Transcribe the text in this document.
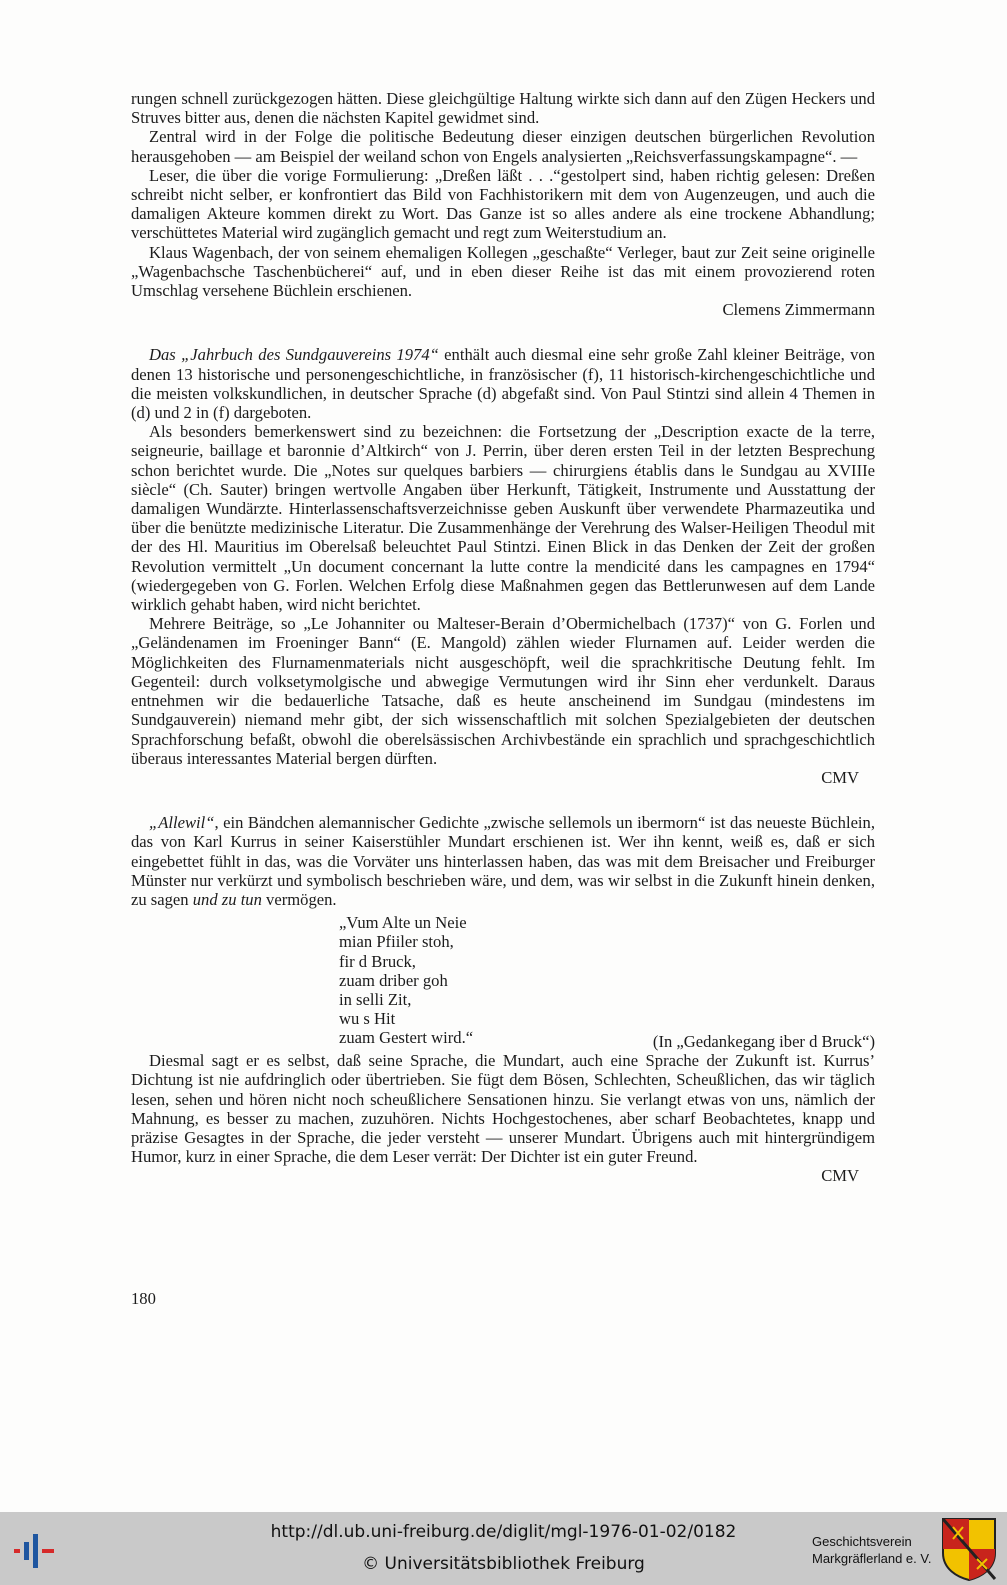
rungen schnell zurückgezogen hätten. Diese gleichgültige Haltung wirkte sich dann auf den Zügen Heckers und Struves bitter aus, denen die nächsten Kapitel gewidmet sind.

Zentral wird in der Folge die politische Bedeutung dieser einzigen deutschen bürgerlichen Revolution herausgehoben — am Beispiel der weiland schon von Engels analysierten „Reichsverfassungskampagne“. —

Leser, die über die vorige Formulierung: „Dreßen läßt . . .“gestolpert sind, haben richtig gelesen: Dreßen schreibt nicht selber, er konfrontiert das Bild von Fachhistorikern mit dem von Augenzeugen, und auch die damaligen Akteure kommen direkt zu Wort. Das Ganze ist so alles andere als eine trockene Abhandlung; verschüttetes Material wird zugänglich gemacht und regt zum Weiterstudium an.

Klaus Wagenbach, der von seinem ehemaligen Kollegen „geschaßte“ Verleger, baut zur Zeit seine originelle „Wagenbachsche Taschenbücherei“ auf, und in eben dieser Reihe ist das mit einem provozierend roten Umschlag versehene Büchlein erschienen.

Clemens Zimmermann

Das „Jahrbuch des Sundgauvereins 1974“ enthält auch diesmal eine sehr große Zahl kleiner Beiträge, von denen 13 historische und personengeschichtliche, in französischer (f), 11 historisch-kirchengeschichtliche und die meisten volkskundlichen, in deutscher Sprache (d) abgefaßt sind. Von Paul Stintzi sind allein 4 Themen in (d) und 2 in (f) dargeboten.

Als besonders bemerkenswert sind zu bezeichnen: die Fortsetzung der „Description exacte de la terre, seigneurie, baillage et baronnie d’Altkirch“ von J. Perrin, über deren ersten Teil in der letzten Besprechung schon berichtet wurde. Die „Notes sur quelques barbiers — chirurgiens établis dans le Sundgau au XVIIIe siècle“ (Ch. Sauter) bringen wertvolle Angaben über Herkunft, Tätigkeit, Instrumente und Ausstattung der damaligen Wundärzte. Hinterlassenschaftsverzeichnisse geben Auskunft über verwendete Pharmazeutika und über die benützte medizinische Literatur. Die Zusammenhänge der Verehrung des Walser-Heiligen Theodul mit der des Hl. Mauritius im Oberelsaß beleuchtet Paul Stintzi. Einen Blick in das Denken der Zeit der großen Revolution vermittelt „Un document concernant la lutte contre la mendicité dans les campagnes en 1794“ (wiedergegeben von G. Forlen. Welchen Erfolg diese Maßnahmen gegen das Bettlerunwesen auf dem Lande wirklich gehabt haben, wird nicht berichtet.

Mehrere Beiträge, so „Le Johanniter ou Malteser-Berain d’Obermichelbach (1737)“ von G. Forlen und „Geländenamen im Froeninger Bann“ (E. Mangold) zählen wieder Flurnamen auf. Leider werden die Möglichkeiten des Flurnamenmaterials nicht ausgeschöpft, weil die sprachkritische Deutung fehlt. Im Gegenteil: durch volksetymolgische und abwegige Vermutungen wird ihr Sinn eher verdunkelt. Daraus entnehmen wir die bedauerliche Tatsache, daß es heute anscheinend im Sundgau (mindestens im Sundgauverein) niemand mehr gibt, der sich wissenschaftlich mit solchen Spezialgebieten der deutschen Sprachforschung befaßt, obwohl die oberelsässischen Archivbestände ein sprachlich und sprachgeschichtlich überaus interessantes Material bergen dürften.

CMV

„Allewil“, ein Bändchen alemannischer Gedichte „zwische sellemols un ibermorn“ ist das neueste Büchlein, das von Karl Kurrus in seiner Kaiserstühler Mundart erschienen ist. Wer ihn kennt, weiß es, daß er sich eingebettet fühlt in das, was die Vorväter uns hinterlassen haben, das was mit dem Breisacher und Freiburger Münster nur verkürzt und symbolisch beschrieben wäre, und dem, was wir selbst in die Zukunft hinein denken, zu sagen und zu tun vermögen.

„Vum Alte un Neie
mian Pfiiler stoh,
fir d Bruck,
zuam driber goh
in selli Zit,
wu s Hit
zuam Gestert wird.“	(In „Gedankegang iber d Bruck“)

Diesmal sagt er es selbst, daß seine Sprache, die Mundart, auch eine Sprache der Zukunft ist. Kurrus’ Dichtung ist nie aufdringlich oder übertrieben. Sie fügt dem Bösen, Schlechten, Scheußlichen, das wir täglich lesen, sehen und hören nicht noch scheußlichere Sensationen hinzu. Sie verlangt etwas von uns, nämlich der Mahnung, es besser zu machen, zuzuhören. Nichts Hochgestochenes, aber scharf Beobachtetes, knapp und präzise Gesagtes in der Sprache, die jeder versteht — unserer Mundart. Übrigens auch mit hintergründigem Humor, kurz in einer Sprache, die dem Leser verrät: Der Dichter ist ein guter Freund.

CMV

180
http://dl.ub.uni-freiburg.de/diglit/mgl-1976-01-02/0182
© Universitätsbibliothek Freiburg
Geschichtsverein
Markgräflerland e. V.
